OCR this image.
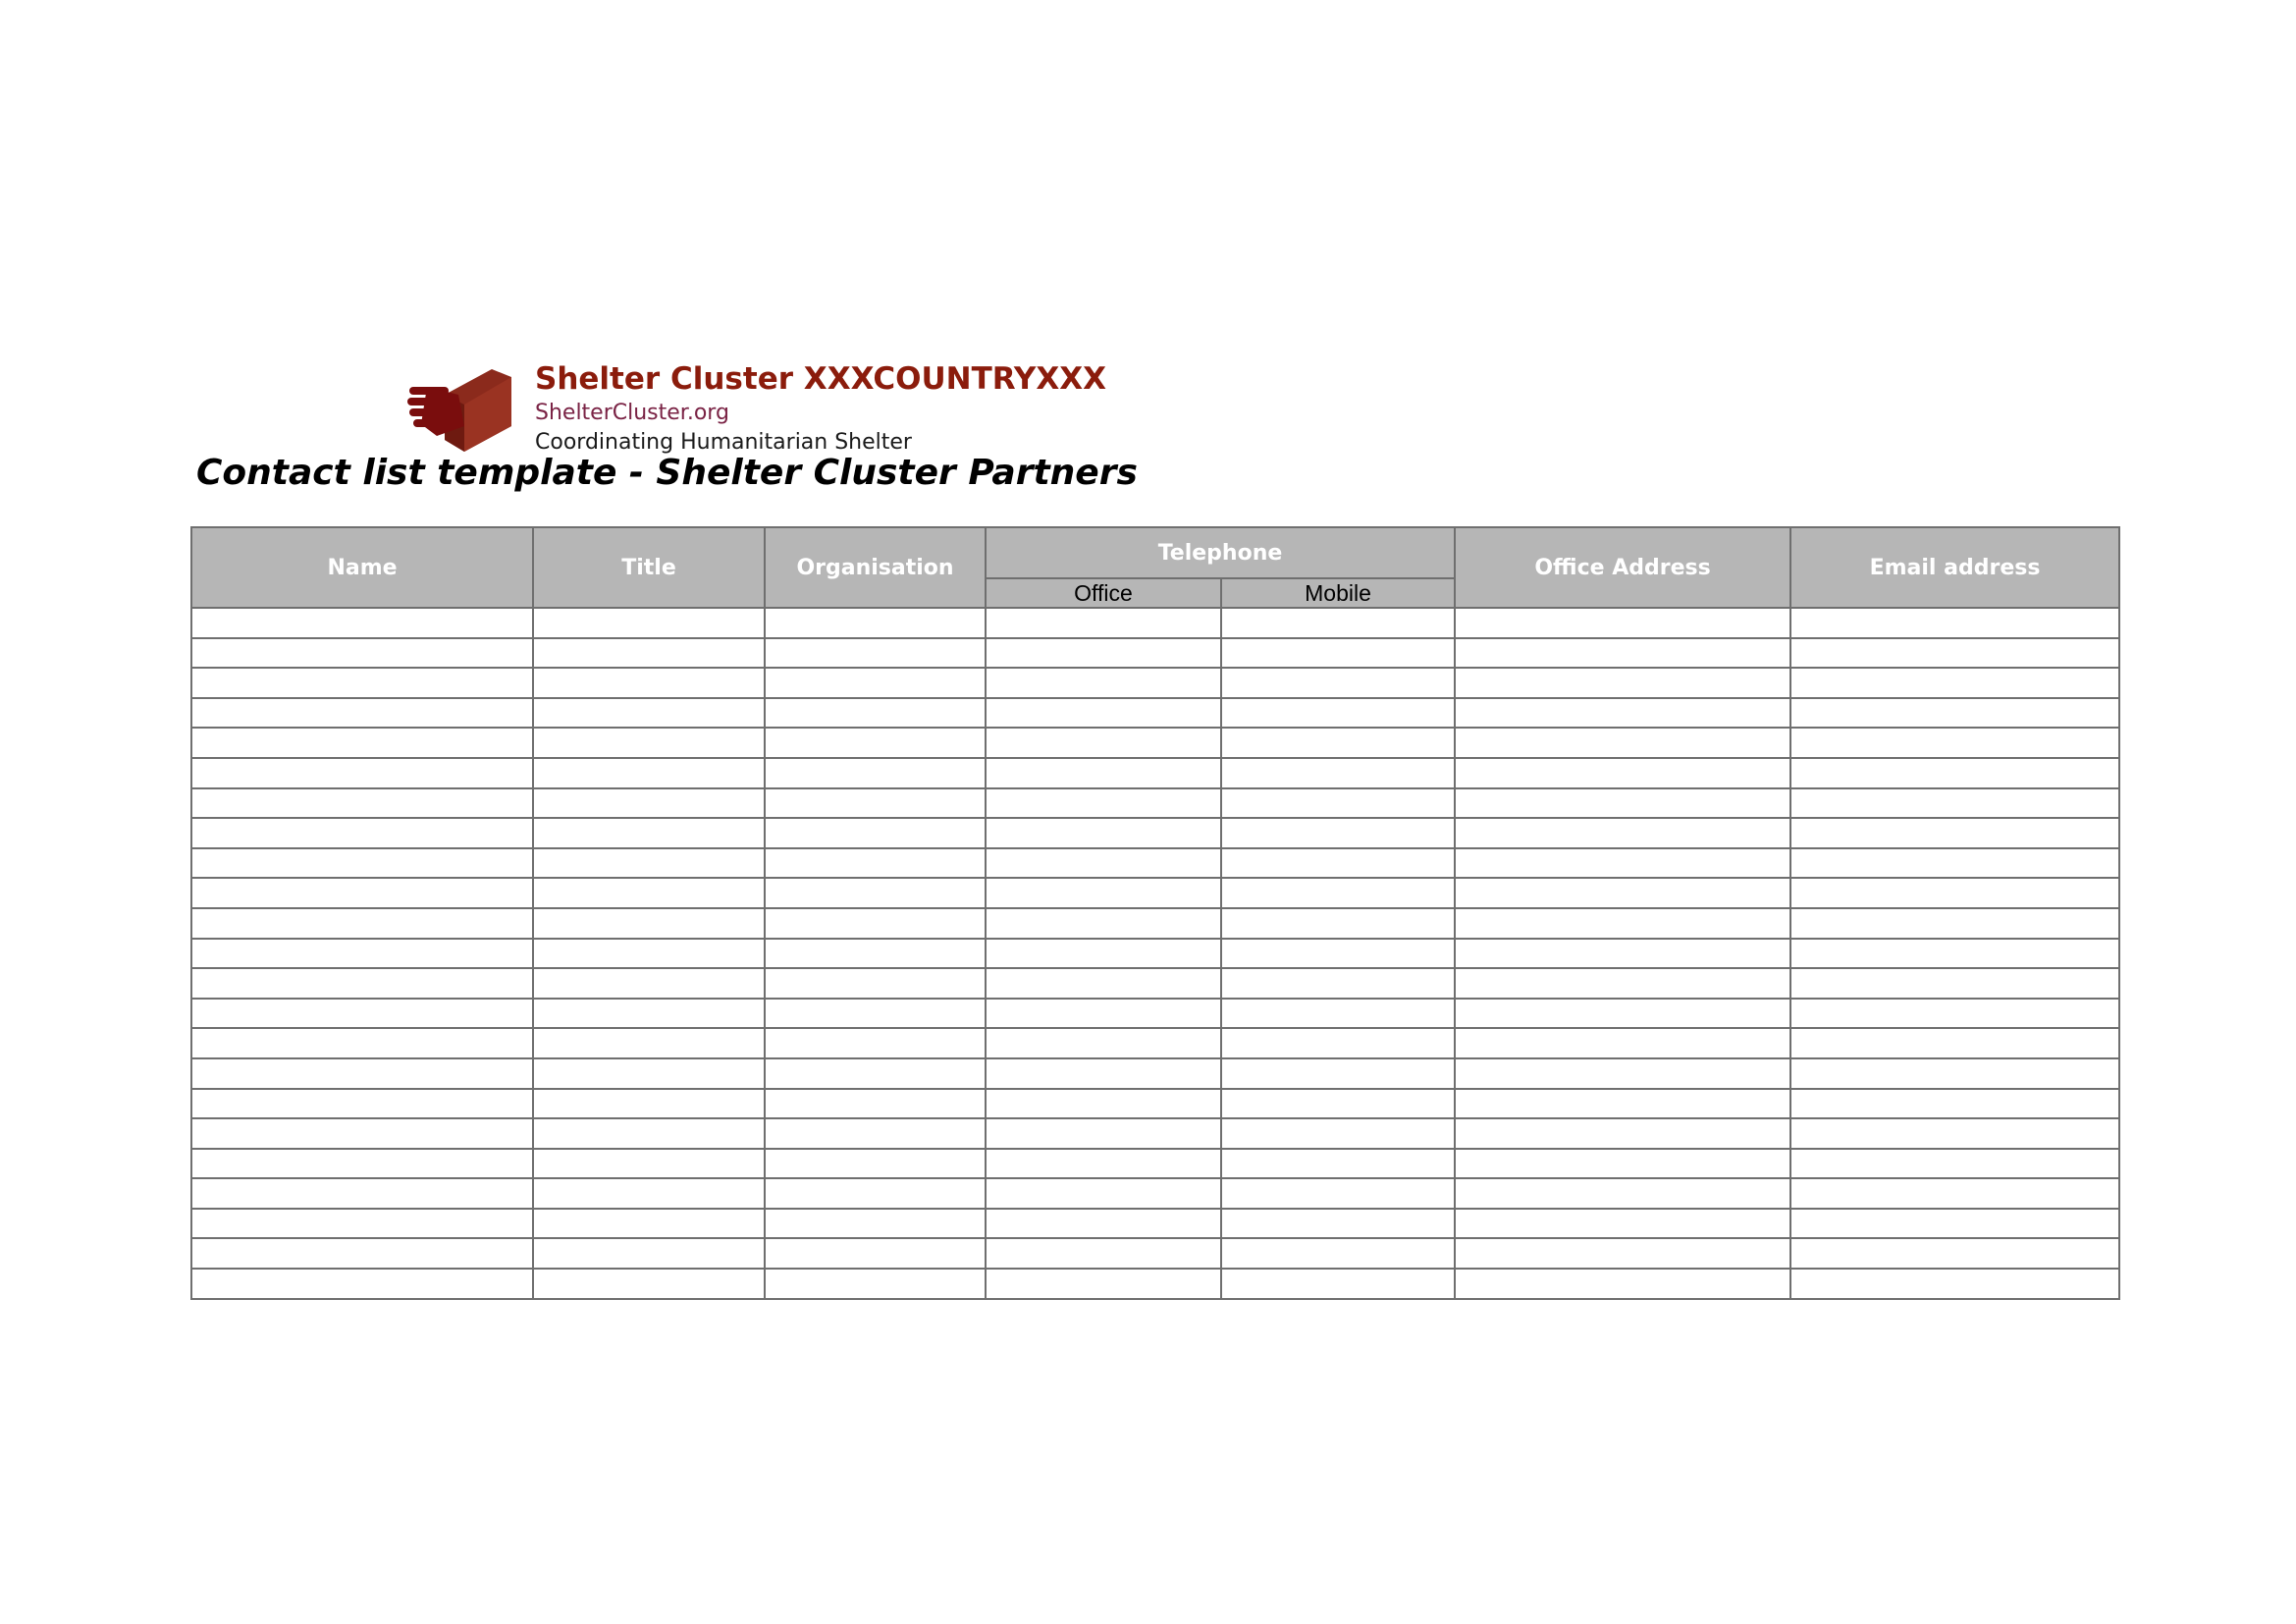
Shelter Cluster XXXCOUNTRYXXX
ShelterCluster.org
Coordinating Humanitarian Shelter
Contact list template - Shelter Cluster Partners
Name	Title	Organisation	Telephone		Office Address	Email address
			Office	Mobile		
